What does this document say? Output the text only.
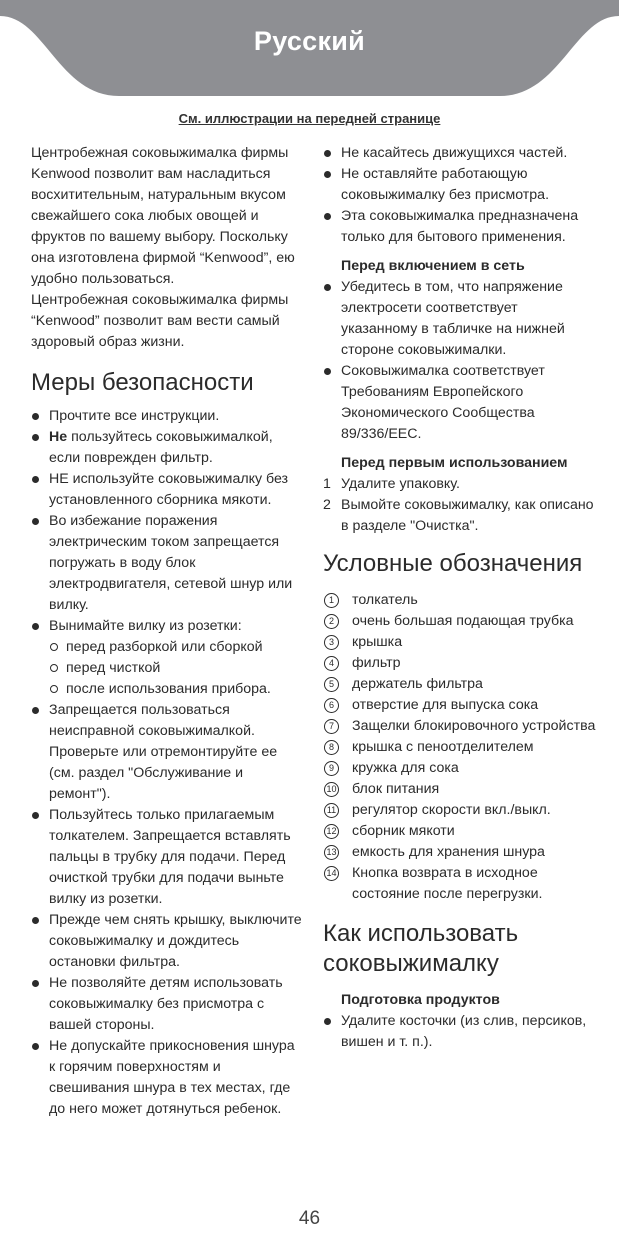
Русский
См. иллюстрации на передней странице

Центробежная соковыжималка фирмы Kenwood позволит вам насладиться восхитительным, натуральным вкусом свежайшего сока любых овощей и фруктов по вашему выбору. Поскольку она изготовлена фирмой “Kenwood”, ею удобно пользоваться.

Центробежная соковыжималка фирмы “Kenwood” позволит вам вести самый здоровый образ жизни.

Меры безопасности
Прочтите все инструкции.
Не пользуйтесь соковыжималкой, если поврежден фильтр.
НЕ используйте соковыжималку без установленного сборника мякоти.
Во избежание поражения электрическим током запрещается погружать в воду блок электродвигателя, сетевой шнур или вилку.
Вынимайте вилку из розетки:
перед разборкой или сборкой
перед чисткой
после использования прибора.
Запрещается пользоваться неисправной соковыжималкой. Проверьте или отремонтируйте ее (см. раздел "Обслуживание и ремонт").
Пользуйтесь только прилагаемым толкателем. Запрещается вставлять пальцы в трубку для подачи. Перед очисткой трубки для подачи выньте вилку из розетки.
Прежде чем снять крышку, выключите соковыжималку и дождитесь остановки фильтра.
Не позволяйте детям использовать соковыжималку без присмотра с вашей стороны.
Не допускайте прикосновения шнура к горячим поверхностям и свешивания шнура в тех местах, где до него может дотянуться ребенок.
Не касайтесь движущихся частей.
Не оставляйте работающую соковыжималку без присмотра.
Эта соковыжималка предназначена только для бытового применения.
Перед включением в сеть
Убедитесь в том, что напряжение электросети соответствует указанному в табличке на нижней стороне соковыжималки.
Соковыжималка соответствует Требованиям Европейского Экономического Сообщества 89/336/EEC.
Перед первым использованием
1 Удалите упаковку.
2 Вымойте соковыжималку, как описано в разделе "Очистка".
Условные обозначения
1	толкатель
2	очень большая подающая трубка
3	крышка
4	фильтр
5	держатель фильтра
6	отверстие для выпуска сока
7	Защелки блокировочного устройства
8	крышка с пеноотделителем
9	кружка для сока
10 блок питания
11 регулятор скорости вкл./выкл.
12 сборник мякоти
13 емкость для хранения шнура
14 Кнопка возврата в исходное состояние после перегрузки.
Как использовать соковыжималку
Подготовка продуктов
Удалите косточки (из слив, персиков, вишен и т. п.).
46
